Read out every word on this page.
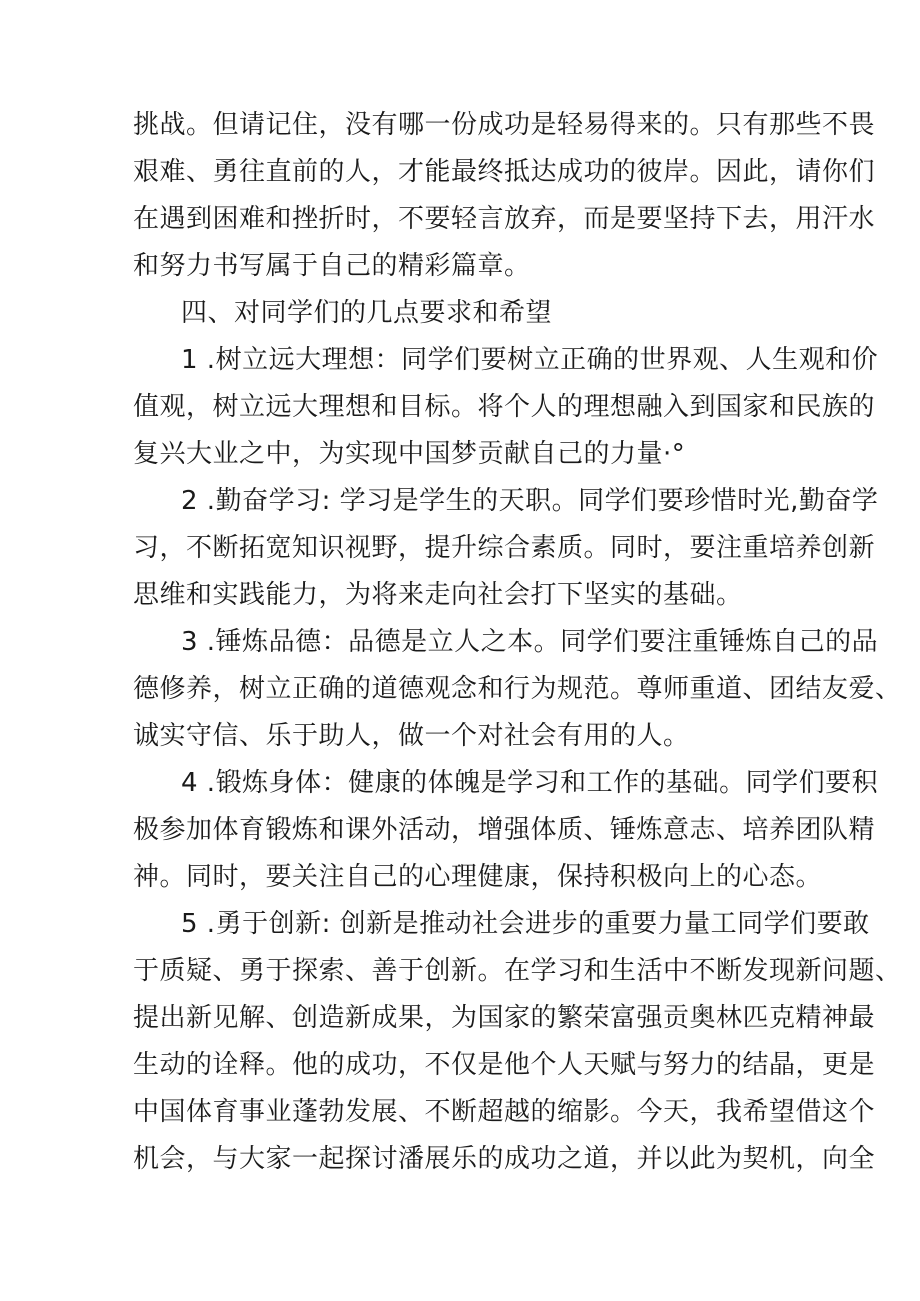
挑战。但请记住，没有哪一份成功是轻易得来的。只有那些不畏
艰难、勇往直前的人，才能最终抵达成功的彼岸。因此，请你们
在遇到困难和挫折时，不要轻言放弃，而是要坚持下去，用汗水
和努力书写属于自己的精彩篇章。
四、对同学们的几点要求和希望
1 .树立远大理想：同学们要树立正确的世界观、人生观和价
值观，树立远大理想和目标。将个人的理想融入到国家和民族的
复兴大业之中，为实现中国梦贡献自己的力量·°
2 .勤奋学习: 学习是学生的天职。同学们要珍惜时光,勤奋学
习，不断拓宽知识视野，提升综合素质。同时，要注重培养创新
思维和实践能力，为将来走向社会打下坚实的基础。
3 .锤炼品德：品德是立人之本。同学们要注重锤炼自己的品
德修养，树立正确的道德观念和行为规范。尊师重道、团结友爱、
诚实守信、乐于助人，做一个对社会有用的人。
4 .锻炼身体：健康的体魄是学习和工作的基础。同学们要积
极参加体育锻炼和课外活动，增强体质、锤炼意志、培养团队精
神。同时，要关注自己的心理健康，保持积极向上的心态。
5 .勇于创新: 创新是推动社会进步的重要力量工同学们要敢
于质疑、勇于探索、善于创新。在学习和生活中不断发现新问题、
提出新见解、创造新成果，为国家的繁荣富强贡奥林匹克精神最
生动的诠释。他的成功，不仅是他个人天赋与努力的结晶，更是
中国体育事业蓬勃发展、不断超越的缩影。今天，我希望借这个
机会，与大家一起探讨潘展乐的成功之道，并以此为契机，向全
